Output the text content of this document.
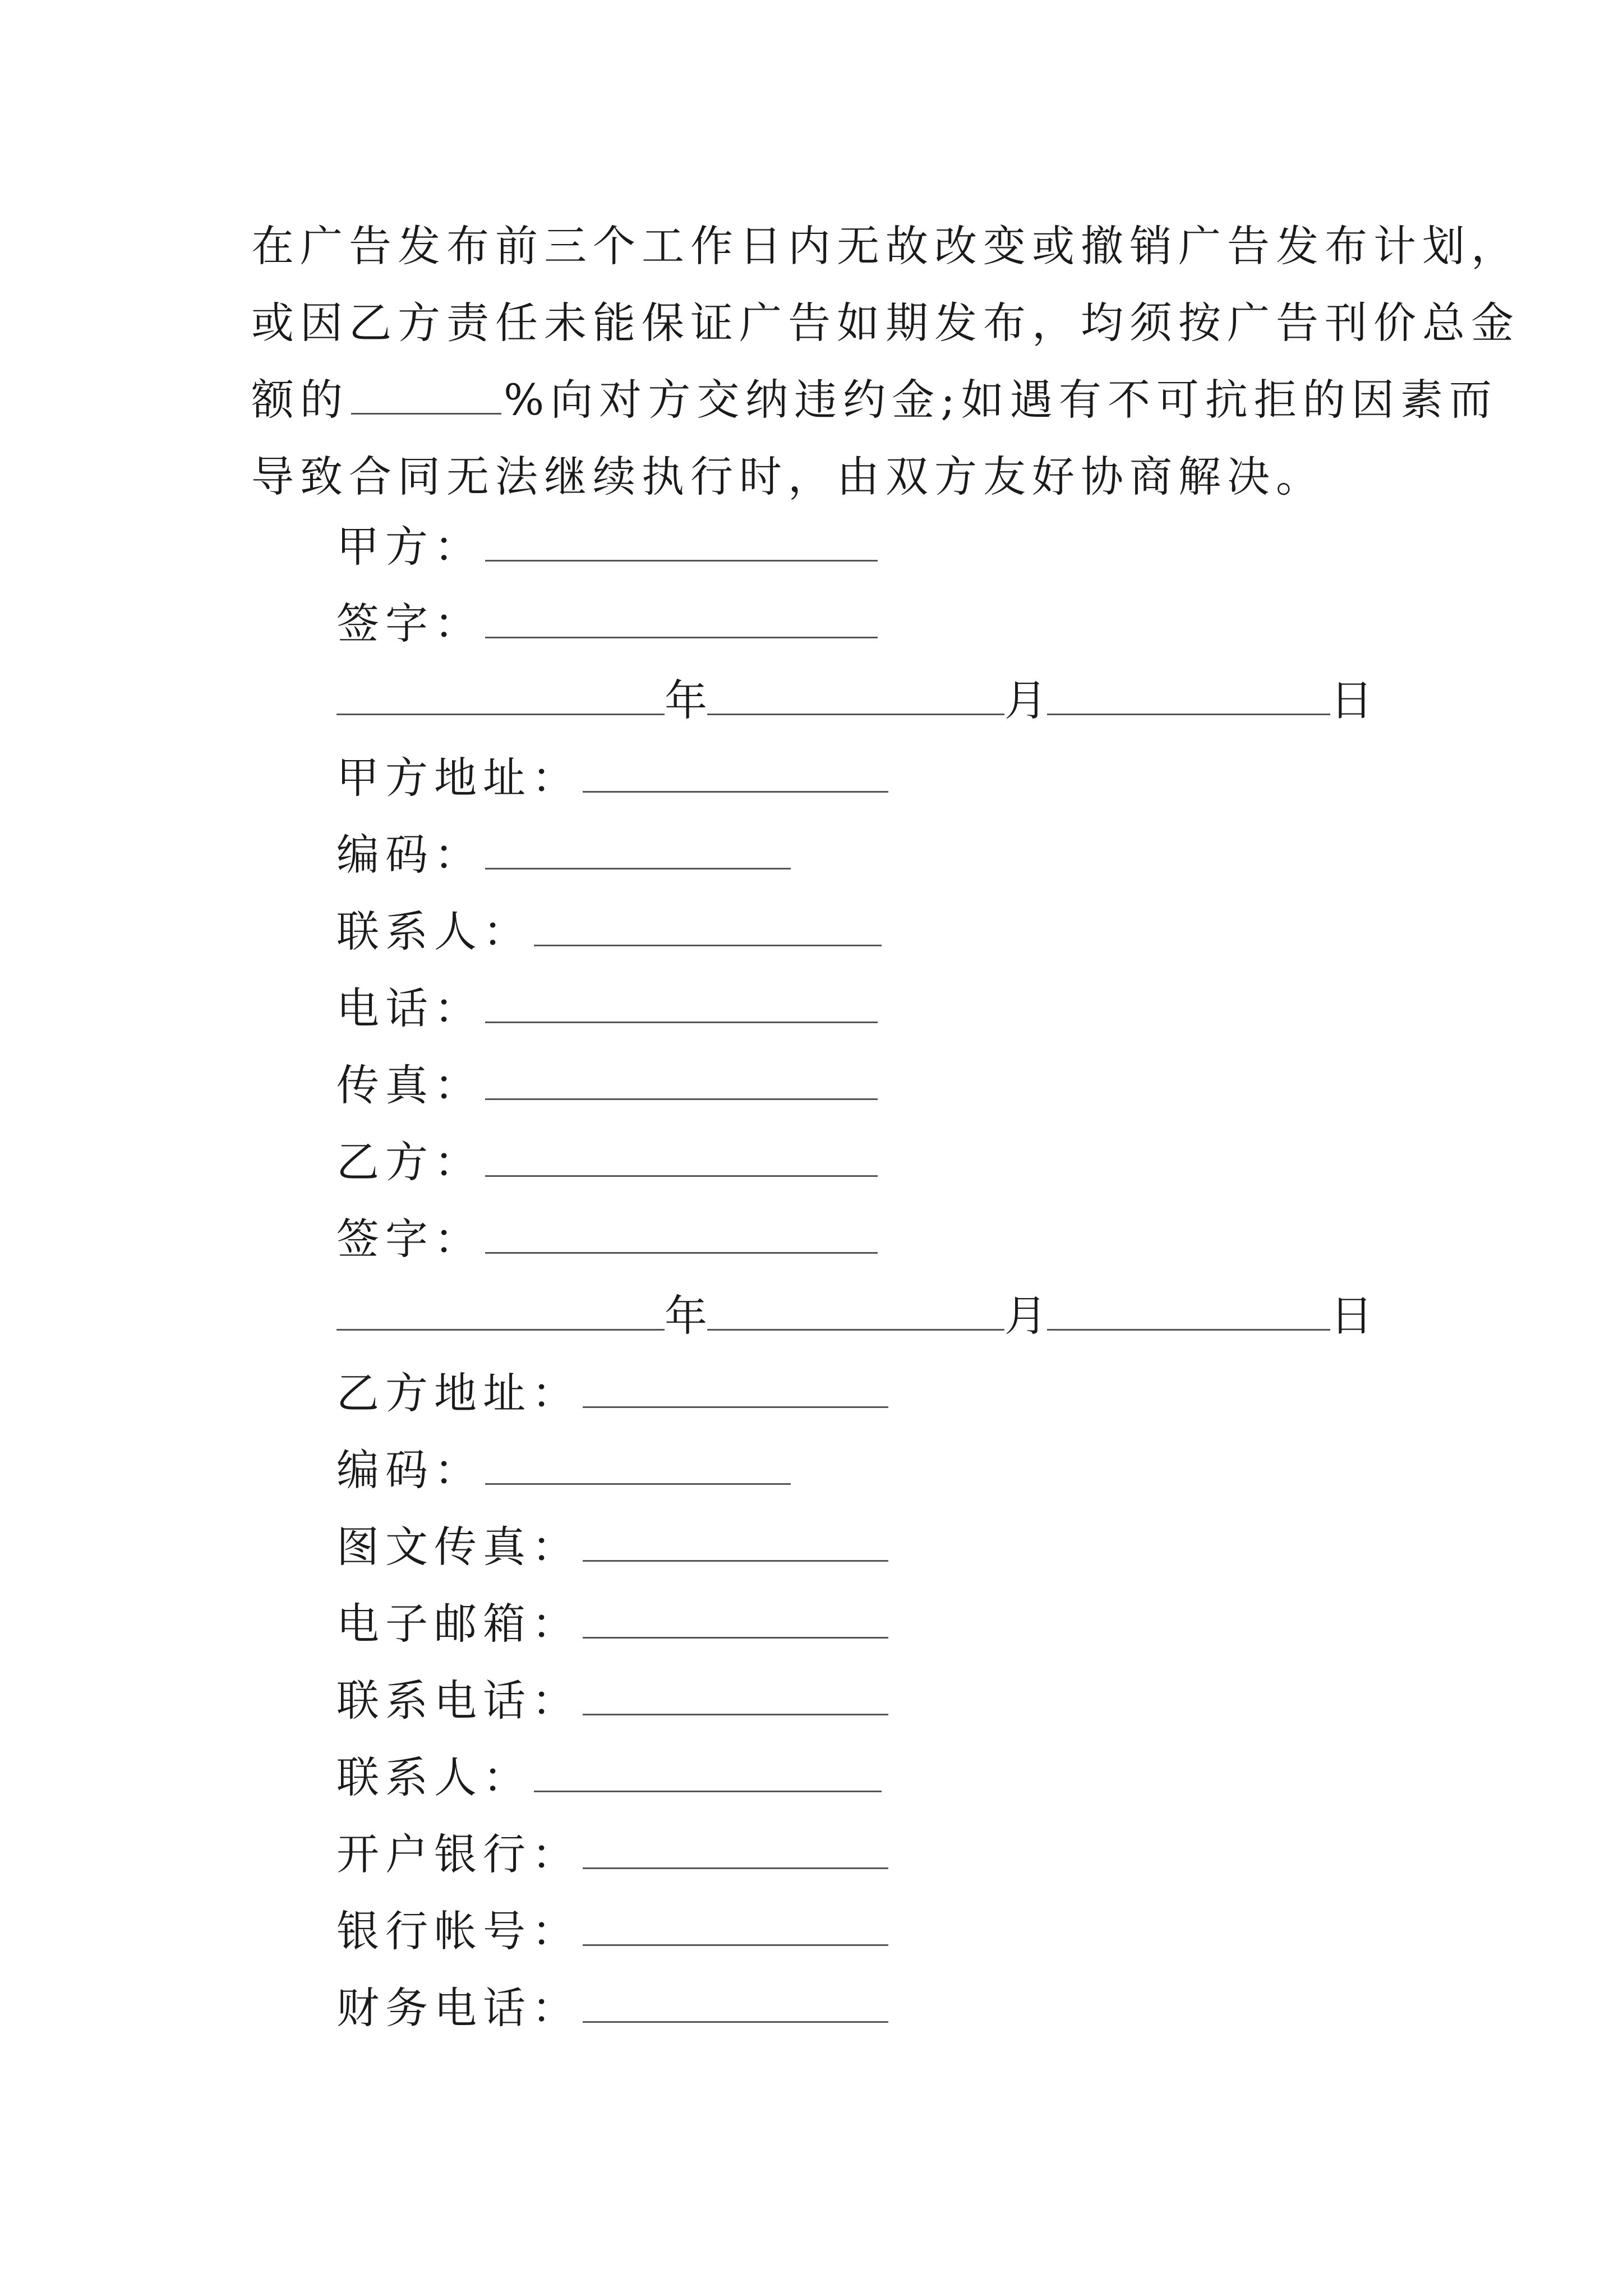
在广告发布前三个工作日内无故改变或撤销广告发布计划，
或因乙方责任未能保证广告如期发布，均须按广告刊价总金
额的	%向对方交纳违约金;如遇有不可抗拒的因素而
导致合同无法继续执行时，由双方友好协商解决。
甲方：
签字：
年	月	日
甲方地址：
编码：
联系人：
电话：
传真：
乙方：
签字：
年	月	日
乙方地址：
编码：
图文传真：
电子邮箱：
联系电话：
联系人：
开户银行：
银行帐号：
财务电话：
